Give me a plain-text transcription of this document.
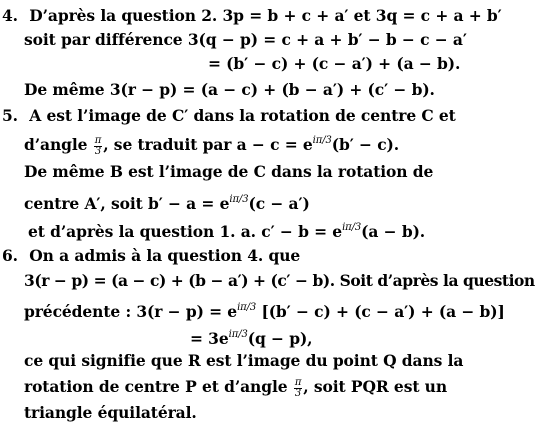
4. D’après la question 2. 3p = b + c + a′ et 3q = c + a + b′
soit par différence 3(q − p) = c + a + b′ − b − c − a′
= (b′ − c) + (c − a′) + (a − b).
De même 3(r − p) = (a − c) + (b − a′) + (c′ − b).
5. A est l’image de C′ dans la rotation de centre C et
d’angle $\frac{\pi}{3}$ , se traduit par $a - c = e^{i\pi/3}(b' - c)$.
De même B est l’image de C dans la rotation de
centre A′, soit $b' - a = e^{i\pi/3}(c - a')$
et d’après la question 1. a. $c' - b = e^{i\pi/3}(a - b)$.
6. On a admis à la question 4. que
3(r − p) = (a − c) + (b − a′) + (c′ − b). Soit d’après la question
précédente : $3(r - p) = e^{i\pi/3}$ [(b′ − c) + (c − a′) + (a − b)]
= $3e^{i\pi/3}(q - p)$,
ce qui signifie que R est l’image du point Q dans la
rotation de centre P et d’angle $\frac{\pi}{3}$ , soit PQR est un
triangle équilatéral.
